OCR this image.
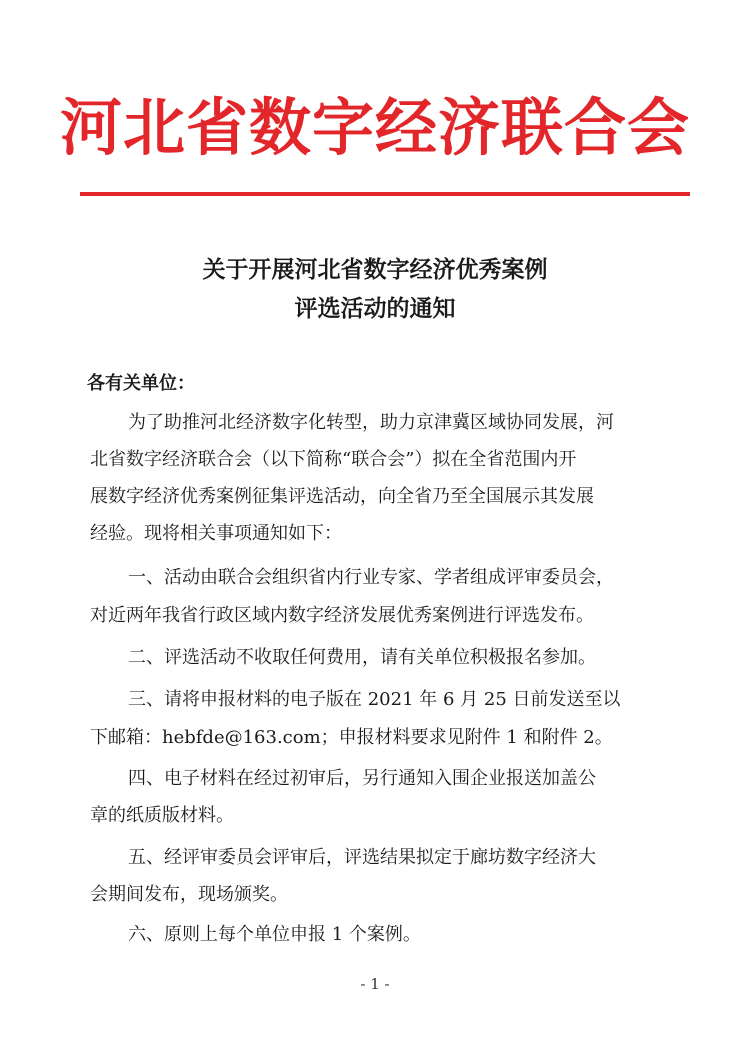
河北省数字经济联合会
关于开展河北省数字经济优秀案例
评选活动的通知
各有关单位：
为了助推河北经济数字化转型，助力京津冀区域协同发展，河
北省数字经济联合会（以下简称“联合会”）拟在全省范围内开
展数字经济优秀案例征集评选活动，向全省乃至全国展示其发展
经验。现将相关事项通知如下：
一、活动由联合会组织省内行业专家、学者组成评审委员会，
对近两年我省行政区域内数字经济发展优秀案例进行评选发布。
二、评选活动不收取任何费用，请有关单位积极报名参加。
三、请将申报材料的电子版在 2021 年 6 月 25 日前发送至以
下邮箱：hebfde@163.com；申报材料要求见附件 1 和附件 2。
四、电子材料在经过初审后，另行通知入围企业报送加盖公
章的纸质版材料。
五、经评审委员会评审后，评选结果拟定于廊坊数字经济大
会期间发布，现场颁奖。
六、原则上每个单位申报 1 个案例。
- 1 -
